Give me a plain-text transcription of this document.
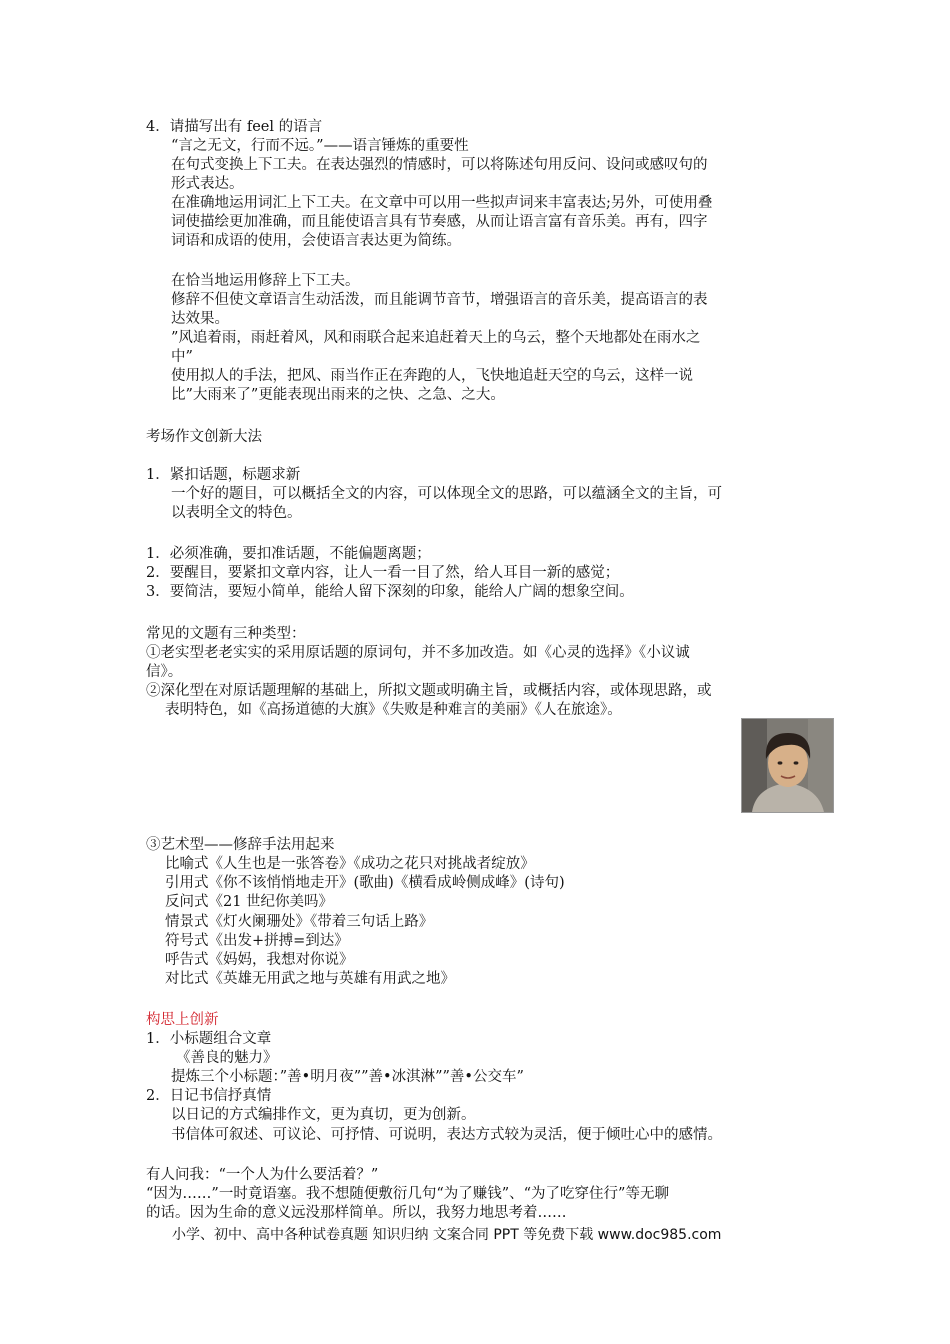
4．请描写出有 feel 的语言
“言之无文，行而不远。”——语言锤炼的重要性
在句式变换上下工夫。在表达强烈的情感时，可以将陈述句用反问、设问或感叹句的
形式表达。
在准确地运用词汇上下工夫。在文章中可以用一些拟声词来丰富表达;另外，可使用叠
词使描绘更加准确，而且能使语言具有节奏感，从而让语言富有音乐美。再有，四字
词语和成语的使用，会使语言表达更为简练。
在恰当地运用修辞上下工夫。
修辞不但使文章语言生动活泼，而且能调节音节，增强语言的音乐美，提高语言的表
达效果。
”风追着雨，雨赶着风，风和雨联合起来追赶着天上的乌云，整个天地都处在雨水之
中”
使用拟人的手法，把风、雨当作正在奔跑的人，飞快地追赶天空的乌云，这样一说
比”大雨来了”更能表现出雨来的之快、之急、之大。
考场作文创新大法
1．紧扣话题，标题求新
一个好的题目，可以概括全文的内容，可以体现全文的思路，可以蕴涵全文的主旨，可
以表明全文的特色。
1．必须准确，要扣准话题，不能偏题离题；
2．要醒目，要紧扣文章内容，让人一看一目了然，给人耳目一新的感觉；
3．要简洁，要短小简单，能给人留下深刻的印象，能给人广阔的想象空间。
常见的文题有三种类型：
①老实型老老实实的采用原话题的原词句，并不多加改造。如《心灵的选择》《小议诚
信》。
②深化型在对原话题理解的基础上，所拟文题或明确主旨，或概括内容，或体现思路，或
表明特色，如《高扬道德的大旗》《失败是种难言的美丽》《人在旅途》。
③艺术型——修辞手法用起来
比喻式《人生也是一张答卷》《成功之花只对挑战者绽放》
引用式《你不该悄悄地走开》(歌曲)《横看成岭侧成峰》(诗句)
反问式《21 世纪你美吗》
情景式《灯火阑珊处》《带着三句话上路》
符号式《出发+拼搏=到达》
呼告式《妈妈，我想对你说》
对比式《英雄无用武之地与英雄有用武之地》
构思上创新
1．小标题组合文章
《善良的魅力》
提炼三个小标题：”善•明月夜””善•冰淇淋””善•公交车”
2．日记书信抒真情
以日记的方式编排作文，更为真切，更为创新。
书信体可叙述、可议论、可抒情、可说明，表达方式较为灵活，便于倾吐心中的感情。
有人问我：“一个人为什么要活着？”
“因为……”一时竟语塞。我不想随便敷衍几句“为了赚钱”、“为了吃穿住行”等无聊
的话。因为生命的意义远没那样简单。所以，我努力地思考着……
小学、初中、高中各种试卷真题 知识归纳 文案合同 PPT 等免费下载 www.doc985.com
